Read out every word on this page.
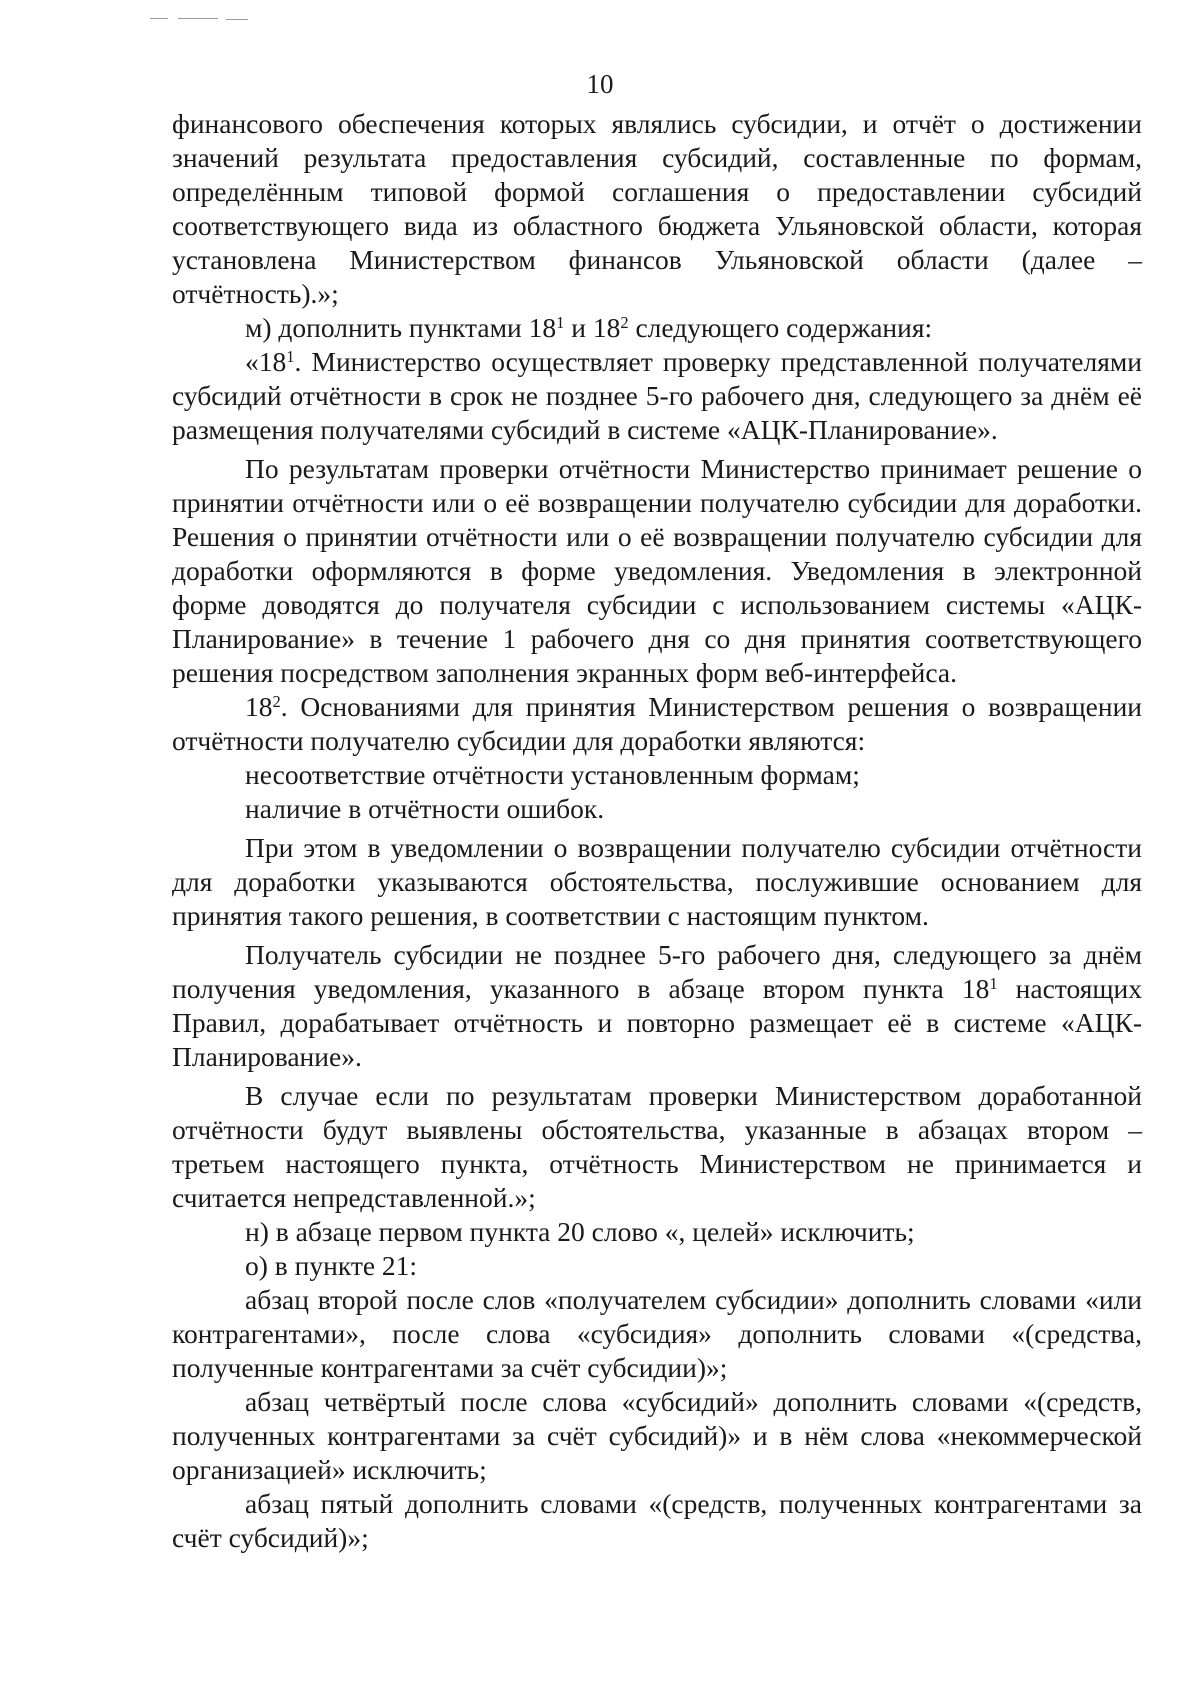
10

финансового обеспечения которых являлись субсидии, и отчёт о достижении значений результата предоставления субсидий, составленные по формам, определённым типовой формой соглашения о предоставлении субсидий соответствующего вида из областного бюджета Ульяновской области, которая установлена Министерством финансов Ульяновской области (далее – отчётность).»;

м) дополнить пунктами $18^1$ и $18^2$ следующего содержания:

«$18^1$. Министерство осуществляет проверку представленной получателями субсидий отчётности в срок не позднее 5-го рабочего дня, следующего за днём её размещения получателями субсидий в системе «АЦК-Планирование».

По результатам проверки отчётности Министерство принимает решение о принятии отчётности или о её возвращении получателю субсидии для доработки. Решения о принятии отчётности или о её возвращении получателю субсидии для доработки оформляются в форме уведомления. Уведомления в электронной форме доводятся до получателя субсидии с использованием системы «АЦК-Планирование» в течение 1 рабочего дня со дня принятия соответствующего решения посредством заполнения экранных форм веб-интерфейса.

$18^2$. Основаниями для принятия Министерством решения о возвращении отчётности получателю субсидии для доработки являются:

несоответствие отчётности установленным формам;

наличие в отчётности ошибок.

При этом в уведомлении о возвращении получателю субсидии отчётности для доработки указываются обстоятельства, послужившие основанием для принятия такого решения, в соответствии с настоящим пунктом.

Получатель субсидии не позднее 5-го рабочего дня, следующего за днём получения уведомления, указанного в абзаце втором пункта $18^1$ настоящих Правил, дорабатывает отчётность и повторно размещает её в системе «АЦК-Планирование».

В случае если по результатам проверки Министерством доработанной отчётности будут выявлены обстоятельства, указанные в абзацах втором – третьем настоящего пункта, отчётность Министерством не принимается и считается непредставленной.»;

н) в абзаце первом пункта 20 слово «, целей» исключить;

о) в пункте 21:

абзац второй после слов «получателем субсидии» дополнить словами «или контрагентами», после слова «субсидия» дополнить словами «(средства, полученные контрагентами за счёт субсидии)»;

абзац четвёртый после слова «субсидий» дополнить словами «(средств, полученных контрагентами за счёт субсидий)» и в нём слова «некоммерческой организацией» исключить;

абзац пятый дополнить словами «(средств, полученных контрагентами за счёт субсидий)»;
